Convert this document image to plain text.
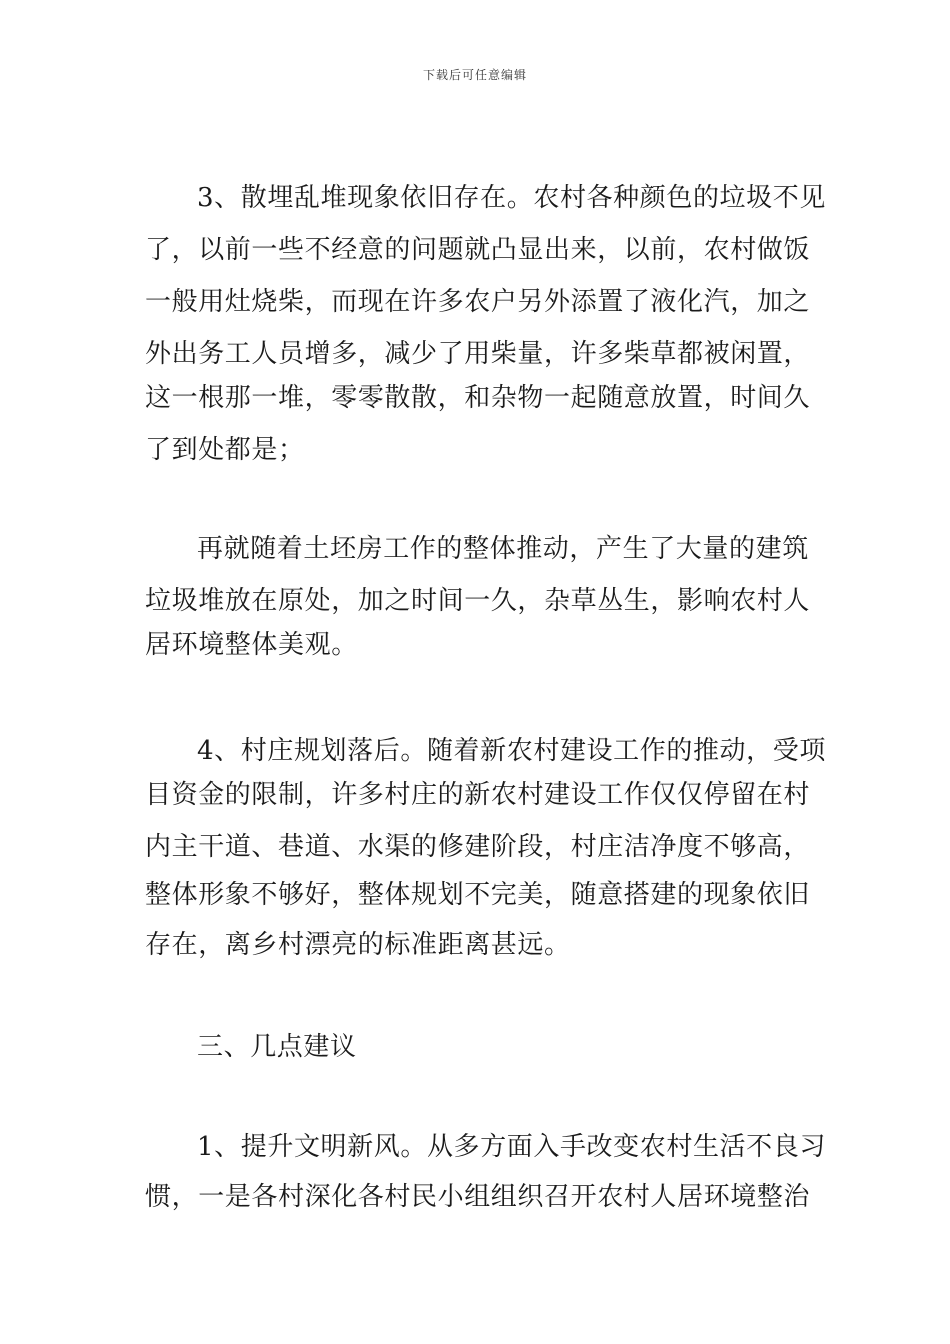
下载后可任意编辑
3、散埋乱堆现象依旧存在。农村各种颜色的垃圾不见
了，以前一些不经意的问题就凸显出来，以前，农村做饭
一般用灶烧柴，而现在许多农户另外添置了液化汽，加之
外出务工人员增多，减少了用柴量，许多柴草都被闲置，
这一根那一堆，零零散散，和杂物一起随意放置，时间久
了到处都是；
再就随着土坯房工作的整体推动，产生了大量的建筑
垃圾堆放在原处，加之时间一久，杂草丛生，影响农村人
居环境整体美观。
4、村庄规划落后。随着新农村建设工作的推动，受项
目资金的限制，许多村庄的新农村建设工作仅仅停留在村
内主干道、巷道、水渠的修建阶段，村庄洁净度不够高，
整体形象不够好，整体规划不完美，随意搭建的现象依旧
存在，离乡村漂亮的标准距离甚远。
三、几点建议
1、提升文明新风。从多方面入手改变农村生活不良习
惯，一是各村深化各村民小组组织召开农村人居环境整治
